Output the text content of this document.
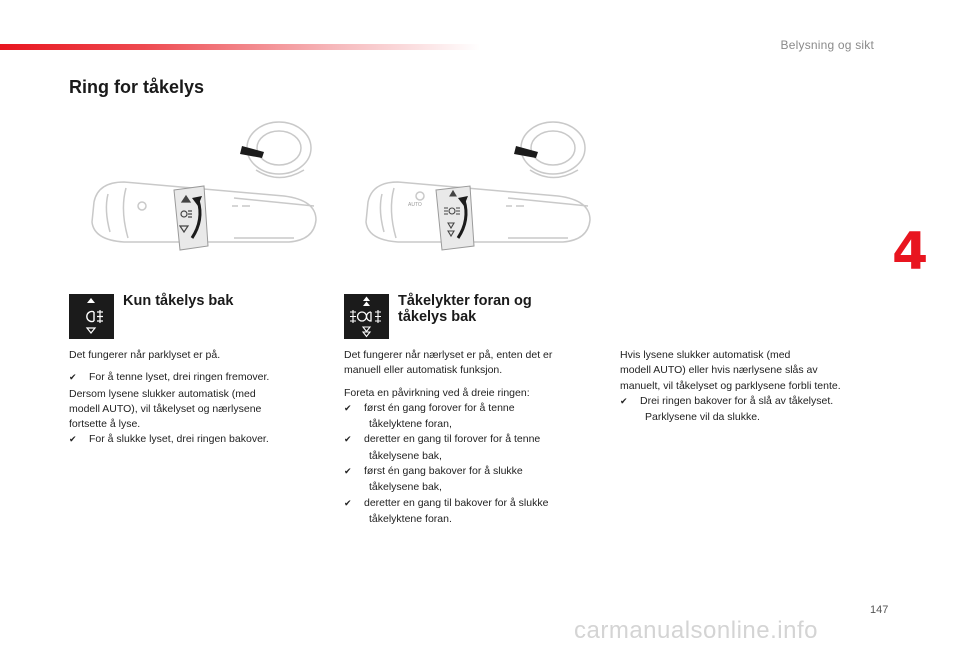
Belysning og sikt
4
Ring for tåkelys
AUTO
Kun tåkelys bak	Tåkelykter foran og
tåkelys bak

Det fungerer når parklyset er på.

✔ For å tenne lyset, drei ringen fremover.
Dersom lysene slukker automatisk (med
modell AUTO), vil tåkelyset og nærlysene
fortsette å lyse.
✔ For å slukke lyset, drei ringen bakover.

Det fungerer når nærlyset er på, enten det er
manuell eller automatisk funksjon.

Foreta en påvirkning ved å dreie ringen:
✔ først én gang forover for å tenne
tåkelyktene foran,
✔ deretter en gang til forover for å tenne
tåkelysene bak,
✔ først én gang bakover for å slukke
tåkelysene bak,
✔ deretter en gang til bakover for å slukke
tåkelyktene foran.
Hvis lysene slukker automatisk (med
modell AUTO) eller hvis nærlysene slås av
manuelt, vil tåkelyset og parklysene forbli tente.
✔ Drei ringen bakover for å slå av tåkelyset.
Parklysene vil da slukke.
147
carmanualsonline.info
